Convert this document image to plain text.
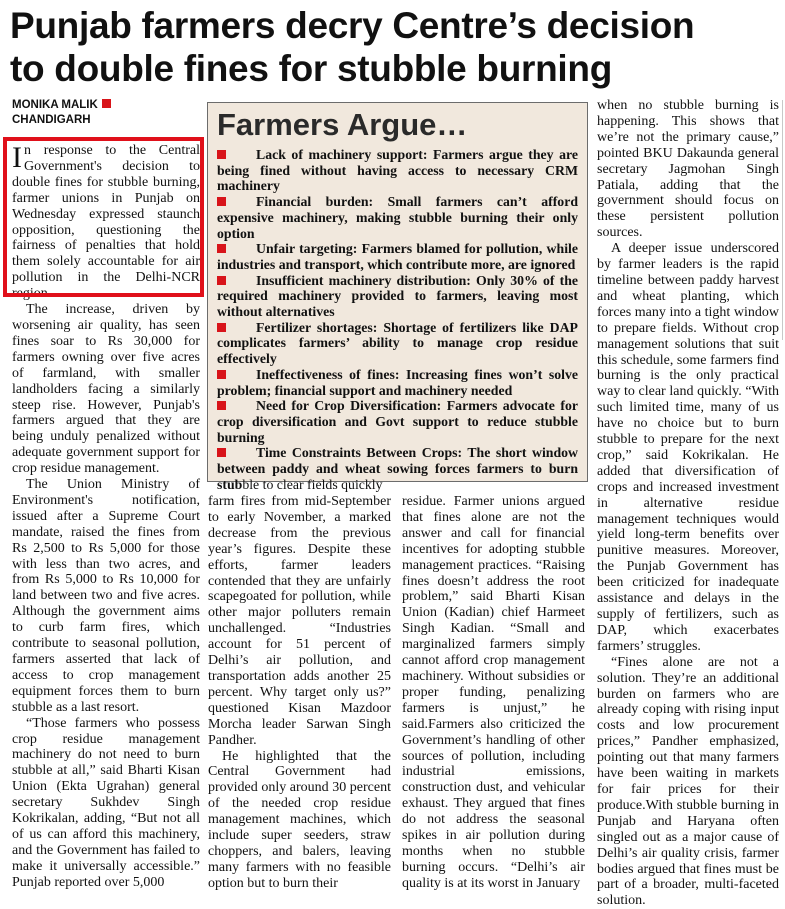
Punjab farmers decry Centre’s decision
to double fines for stubble burning
MONIKA MALIK
CHANDIGARH

In response to the Central Government's decision to double fines for stubble burning, farmer unions in Punjab on Wednesday expressed staunch opposition, questioning the fairness of penalties that hold them solely accountable for air pollution in the Delhi-NCR region.

The increase, driven by worsening air quality, has seen fines soar to Rs 30,000 for farmers owning over five acres of farmland, with smaller landholders facing a similarly steep rise. However, Punjab's farmers argued that they are being unduly penalized without adequate government support for crop residue management.

The Union Ministry of Environment's notification, issued after a Supreme Court mandate, raised the fines from Rs 2,500 to Rs 5,000 for those with less than two acres, and from Rs 5,000 to Rs 10,000 for land between two and five acres. Although the government aims to curb farm fires, which contribute to seasonal pollution, farmers asserted that lack of access to crop management equipment forces them to burn stubble as a last resort.

“Those farmers who possess crop residue management machinery do not need to burn stubble at all,” said Bharti Kisan Union (Ekta Ugrahan) general secretary Sukhdev Singh Kokrikalan, adding, “But not all of us can afford this machinery, and the Government has failed to make it universally accessible.” Punjab reported over 5,000

Farmers Argue…

Lack of machinery support: Farmers argue they are being fined without having access to necessary CRM machinery

Financial burden: Small farmers can’t afford expensive machinery, making stubble burning their only option

Unfair targeting: Farmers blamed for pollution, while industries and transport, which contribute more, are ignored

Insufficient machinery distribution: Only 30% of the required machinery provided to farmers, leaving most without alternatives

Fertilizer shortages: Shortage of fertilizers like DAP complicates farmers’ ability to manage crop residue effectively

Ineffectiveness of fines: Increasing fines won’t solve problem; financial support and machinery needed

Need for Crop Diversification: Farmers advocate for crop diversification and Govt support to reduce stubble burning

Time Constraints Between Crops: The short window between paddy and wheat sowing forces farmers to burn stubble to clear fields quickly

farm fires from mid-September to early November, a marked decrease from the previous year’s figures. Despite these efforts, farmer leaders contended that they are unfairly scapegoated for pollution, while other major polluters remain unchallenged. “Industries account for 51 percent of Delhi’s air pollution, and transportation adds another 25 percent. Why target only us?” questioned Kisan Mazdoor Morcha leader Sarwan Singh Pandher.

He highlighted that the Central Government had provided only around 30 percent of the needed crop residue management machines, which include super seeders, straw choppers, and balers, leaving many farmers with no feasible option but to burn their

residue. Farmer unions argued that fines alone are not the answer and call for financial incentives for adopting stubble management practices. “Raising fines doesn’t address the root problem,” said Bharti Kisan Union (Kadian) chief Harmeet Singh Kadian. “Small and marginalized farmers simply cannot afford crop management machinery. Without subsidies or proper funding, penalizing farmers is unjust,” he said.Farmers also criticized the Government’s handling of other sources of pollution, including industrial emissions, construction dust, and vehicular exhaust. They argued that fines do not address the seasonal spikes in air pollution during months when no stubble burning occurs. “Delhi’s air quality is at its worst in January

when no stubble burning is happening. This shows that we’re not the primary cause,” pointed BKU Dakaunda general secretary Jagmohan Singh Patiala, adding that the government should focus on these persistent pollution sources.

A deeper issue underscored by farmer leaders is the rapid timeline between paddy harvest and wheat planting, which forces many into a tight window to prepare fields. Without crop management solutions that suit this schedule, some farmers find burning is the only practical way to clear land quickly. “With such limited time, many of us have no choice but to burn stubble to prepare for the next crop,” said Kokrikalan. He added that diversification of crops and increased investment in alternative residue management techniques would yield long-term benefits over punitive measures. Moreover, the Punjab Government has been criticized for inadequate assistance and delays in the supply of fertilizers, such as DAP, which exacerbates farmers’ struggles.

“Fines alone are not a solution. They’re an additional burden on farmers who are already coping with rising input costs and low procurement prices,” Pandher emphasized, pointing out that many farmers have been waiting in markets for fair prices for their produce.With stubble burning in Punjab and Haryana often singled out as a major cause of Delhi’s air quality crisis, farmer bodies argued that fines must be part of a broader, multi-faceted solution.
